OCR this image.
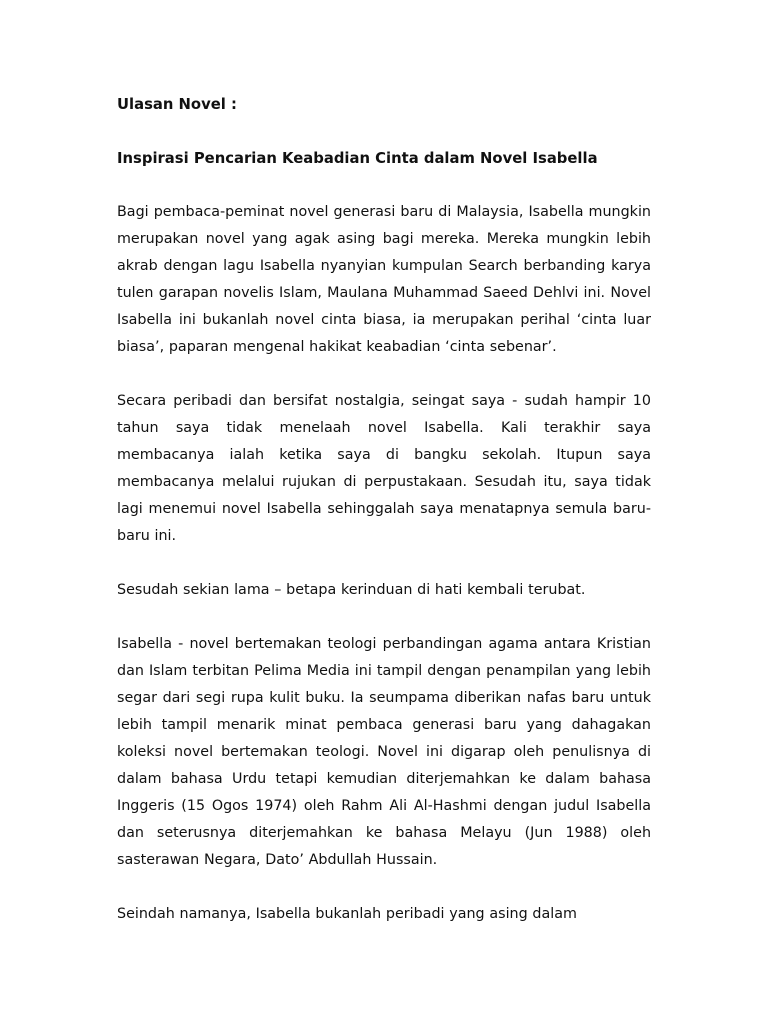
Ulasan Novel :
Inspirasi Pencarian Keabadian Cinta dalam Novel Isabella

Bagi pembaca-peminat novel generasi baru di Malaysia, Isabella mungkin merupakan novel yang agak asing bagi mereka. Mereka mungkin lebih akrab dengan lagu Isabella nyanyian kumpulan Search berbanding karya tulen garapan novelis Islam, Maulana Muhammad Saeed Dehlvi ini. Novel Isabella ini bukanlah novel cinta biasa, ia merupakan perihal ‘cinta luar biasa’, paparan mengenal hakikat keabadian ‘cinta sebenar’.

Secara peribadi dan bersifat nostalgia, seingat saya - sudah hampir 10 tahun saya tidak menelaah novel Isabella. Kali terakhir saya membacanya ialah ketika saya di bangku sekolah. Itupun saya membacanya melalui rujukan di perpustakaan. Sesudah itu, saya tidak lagi menemui novel Isabella sehinggalah saya menatapnya semula baru-baru ini.

Sesudah sekian lama – betapa kerinduan di hati kembali terubat.

Isabella - novel bertemakan teologi perbandingan agama antara Kristian dan Islam terbitan Pelima Media ini tampil dengan penampilan yang lebih segar dari segi rupa kulit buku. Ia seumpama diberikan nafas baru untuk lebih tampil menarik minat pembaca generasi baru yang dahagakan koleksi novel bertemakan teologi. Novel ini digarap oleh penulisnya di dalam bahasa Urdu tetapi kemudian diterjemahkan ke dalam bahasa Inggeris (15 Ogos 1974) oleh Rahm Ali Al-Hashmi dengan judul Isabella dan seterusnya diterjemahkan ke bahasa Melayu (Jun 1988) oleh sasterawan Negara, Dato’ Abdullah Hussain.

Seindah namanya, Isabella bukanlah peribadi yang asing dalam
